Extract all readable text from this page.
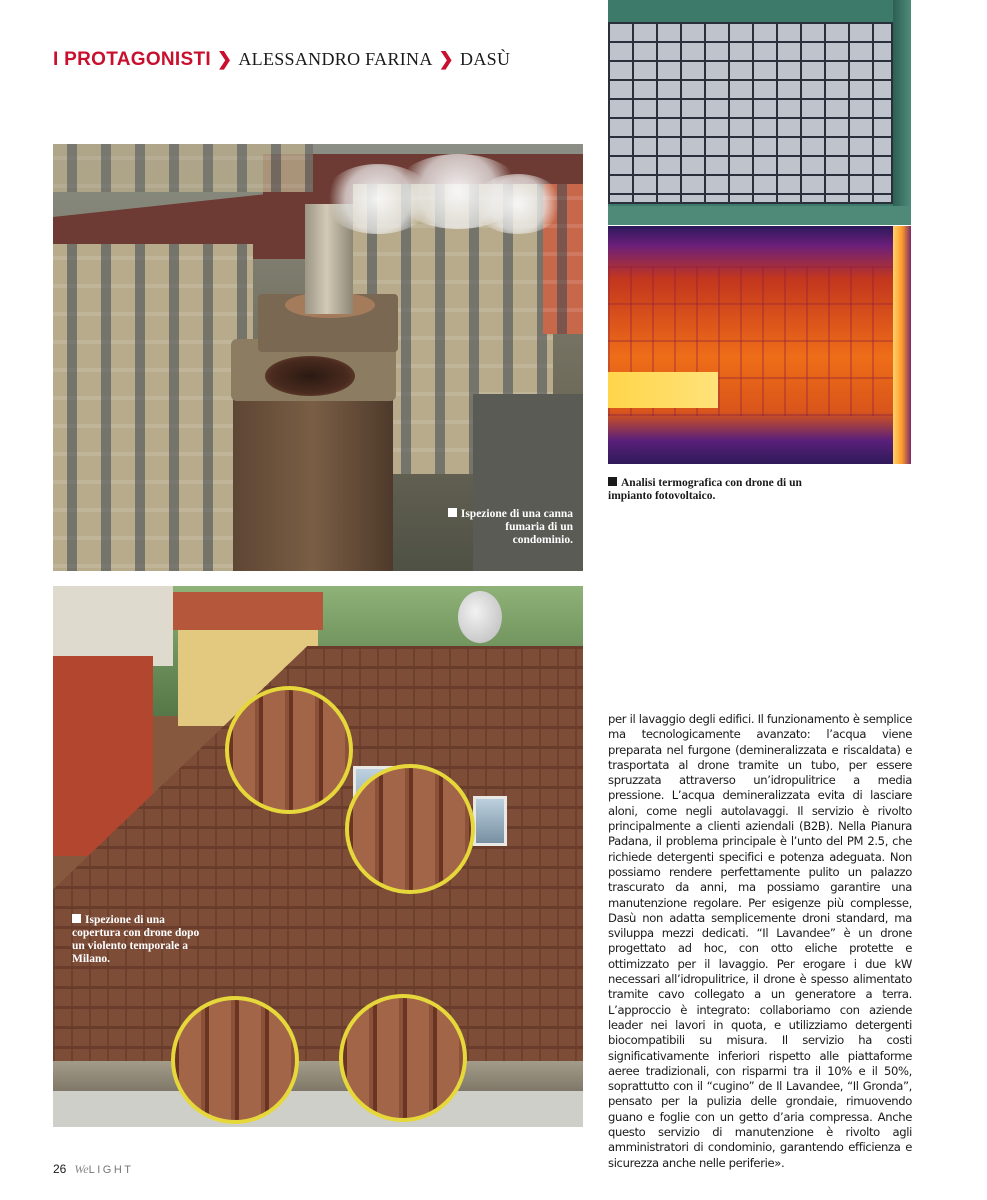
I PROTAGONISTI ❯ ALESSANDRO FARINA ❯ DASÙ
Analisi termografica con drone di un impianto fotovoltaico.
Ispezione di una canna fumaria di un condominio.
Ispezione di una copertura con drone dopo un violento temporale a Milano.
per il lavaggio degli edifici. Il funzionamento è semplice ma tecnologicamente avanzato: l’acqua viene preparata nel furgone (demineralizzata e riscaldata) e trasportata al drone tramite un tubo, per essere spruzzata attraverso un’idropulitrice a media pressione. L’acqua demineralizzata evita di lasciare aloni, come negli autolavaggi. Il servizio è rivolto principalmente a clienti aziendali (B2B). Nella Pianura Padana, il problema principale è l’unto del PM 2.5, che richiede detergenti specifici e potenza adeguata. Non possiamo rendere perfettamente pulito un palazzo trascurato da anni, ma possiamo garantire una manutenzione regolare. Per esigenze più complesse, Dasù non adatta semplicemente droni standard, ma sviluppa mezzi dedicati. “Il Lavandee” è un drone progettato ad hoc, con otto eliche protette e ottimizzato per il lavaggio. Per erogare i due kW necessari all’idropulitrice, il drone è spesso alimentato tramite cavo collegato a un generatore a terra. L’approccio è integrato: collaboriamo con aziende leader nei lavori in quota, e utilizziamo detergenti biocompatibili su misura. Il servizio ha costi significativamente inferiori rispetto alle piattaforme aeree tradizionali, con risparmi tra il 10% e il 50%, soprattutto con il “cugino” de Il Lavandee, “Il Gronda”, pensato per la pulizia delle grondaie, rimuovendo guano e foglie con un getto d’aria compressa. Anche questo servizio di manutenzione è rivolto agli amministratori di condominio, garantendo efficienza e sicurezza anche nelle periferie».
26 WeLIGHT
